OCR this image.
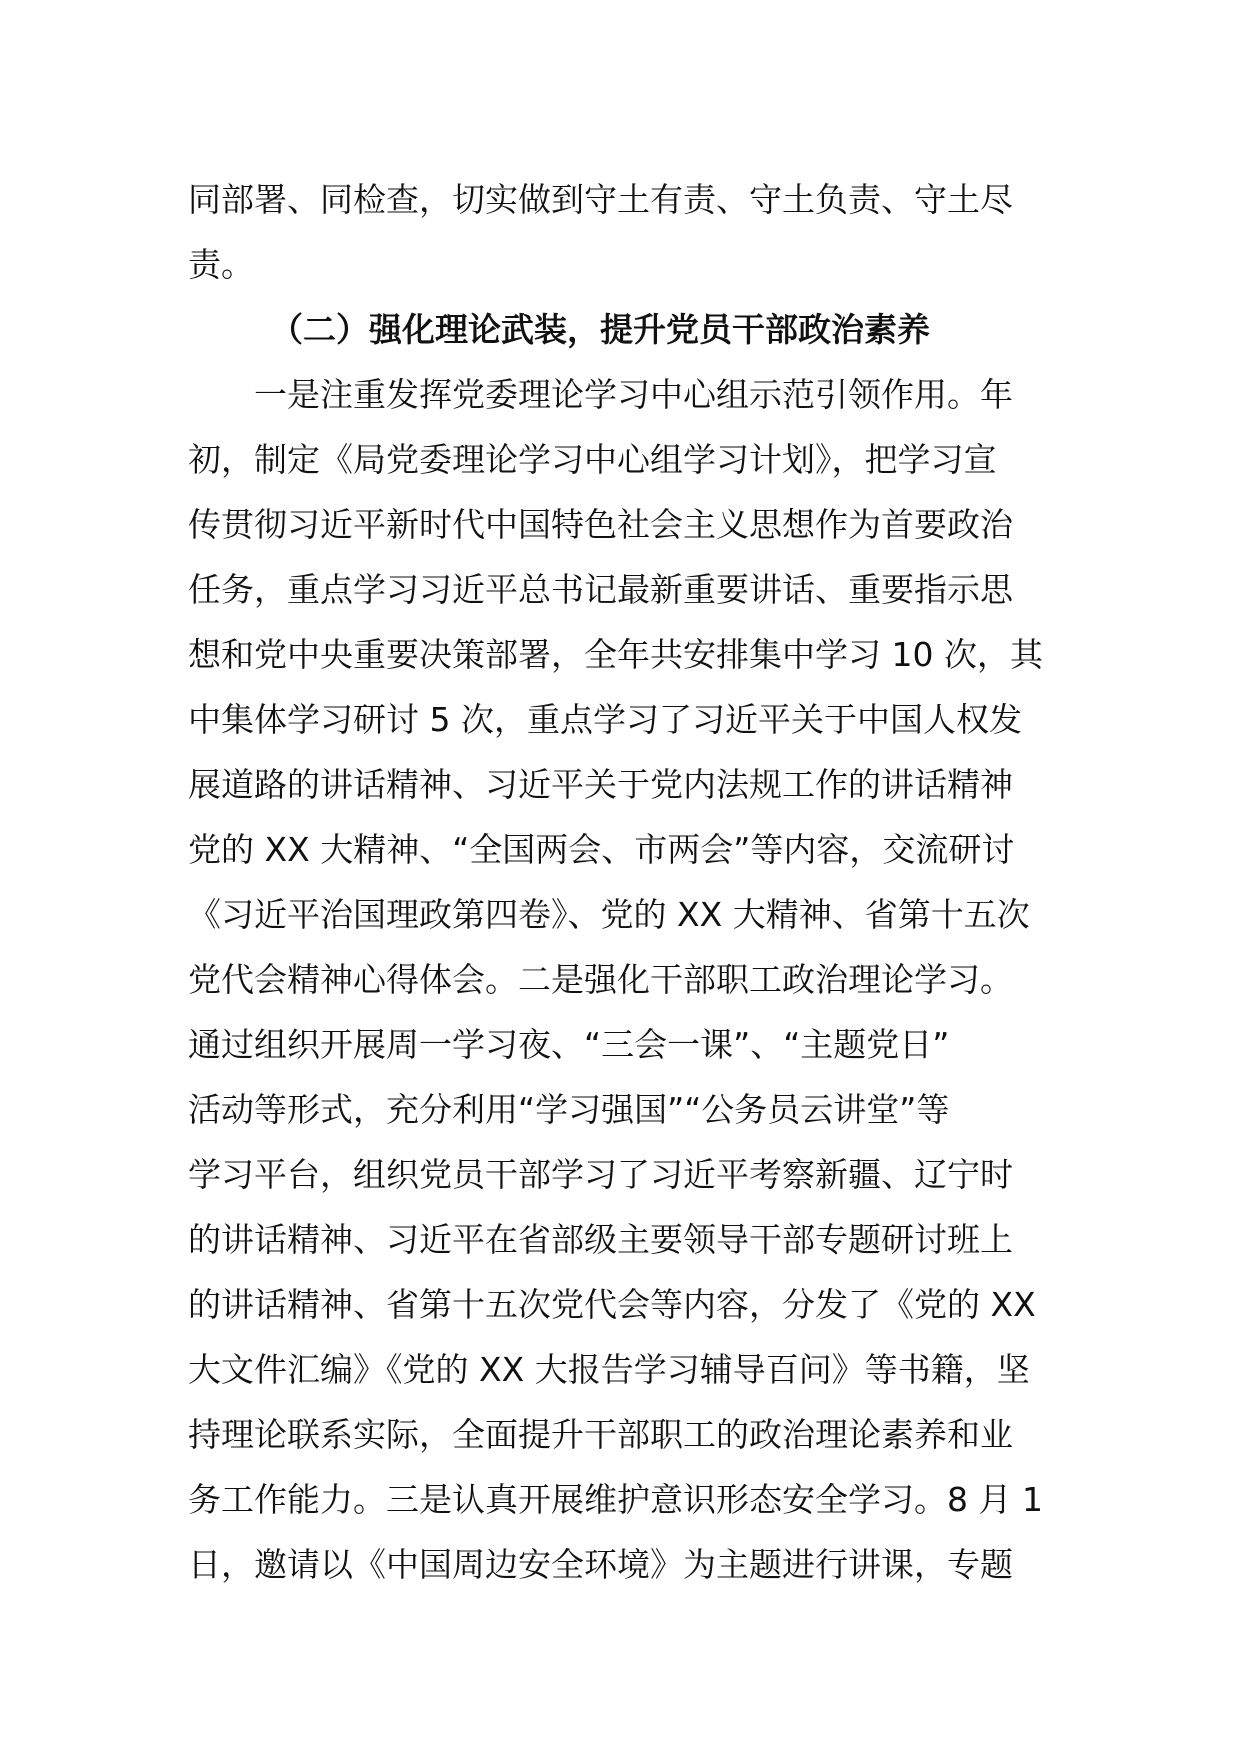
同部署、同检查，切实做到守土有责、守土负责、守土尽
责。
（二）强化理论武装，提升党员干部政治素养
一是注重发挥党委理论学习中心组示范引领作用。年
初，制定《局党委理论学习中心组学习计划》，把学习宣
传贯彻习近平新时代中国特色社会主义思想作为首要政治
任务，重点学习习近平总书记最新重要讲话、重要指示思
想和党中央重要决策部署，全年共安排集中学习 10 次，其
中集体学习研讨 5 次，重点学习了习近平关于中国人权发
展道路的讲话精神、习近平关于党内法规工作的讲话精神
党的 XX 大精神、“全国两会、市两会”等内容，交流研讨
《习近平治国理政第四卷》、党的 XX 大精神、省第十五次
党代会精神心得体会。二是强化干部职工政治理论学习。
通过组织开展周一学习夜、“三会一课”、“主题党日”
活动等形式，充分利用“学习强国”“公务员云讲堂”等
学习平台，组织党员干部学习了习近平考察新疆、辽宁时
的讲话精神、习近平在省部级主要领导干部专题研讨班上
的讲话精神、省第十五次党代会等内容，分发了《党的 XX
大文件汇编》《党的 XX 大报告学习辅导百问》等书籍，坚
持理论联系实际，全面提升干部职工的政治理论素养和业
务工作能力。三是认真开展维护意识形态安全学习。8 月 1
日，邀请以《中国周边安全环境》为主题进行讲课，专题
